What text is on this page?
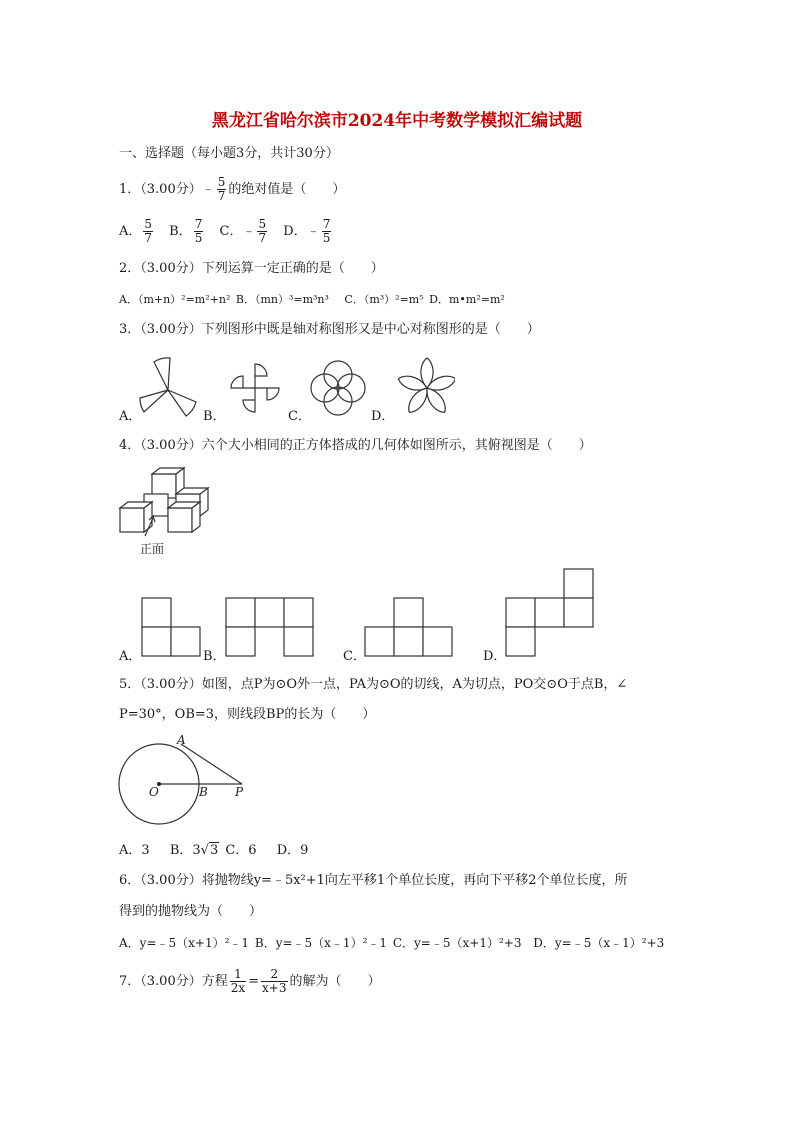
黑龙江省哈尔滨市2024年中考数学模拟汇编试题
一、选择题（每小题3分，共计30分）
1．（3.00分）﹣ $\frac{5}{7}$ 的绝对值是（　　）
A． $\frac{5}{7}$ B． $\frac{7}{5}$ C．﹣ $\frac{5}{7}$ D．﹣ $\frac{7}{5}$
2．（3.00分）下列运算一定正确的是（　　）
A．（m+n）²=m²+n² B．（mn）³=m³n³ C．（m³）²=m⁵ D．m•m²=m²
3．（3.00分）下列图形中既是轴对称图形又是中心对称图形的是（　　）
A．	B．	C．	D．
4．（3.00分）六个大小相同的正方体搭成的几何体如图所示，其俯视图是（　　）
正面
A．	B．	C．	D．
5．（3.00分）如图，点P为⊙O外一点，PA为⊙O的切线，A为切点，PO交⊙O于点B，∠
P=30°，OB=3，则线段BP的长为（　　）
A
O	B P
A．3 B．3√3 C．6 D．9
6．（3.00分）将抛物线y=﹣5x²+1向左平移1个单位长度，再向下平移2个单位长度，所
得到的抛物线为（　　）
A．y=﹣5（x+1）²﹣1 B．y=﹣5（x﹣1）²﹣1 C．y=﹣5（x+1）²+3 D．y=﹣5（x﹣1）²+3
7．（3.00分）方程 $\frac{1}{2x} = \frac{2}{x+3}$ 的解为（　　）
